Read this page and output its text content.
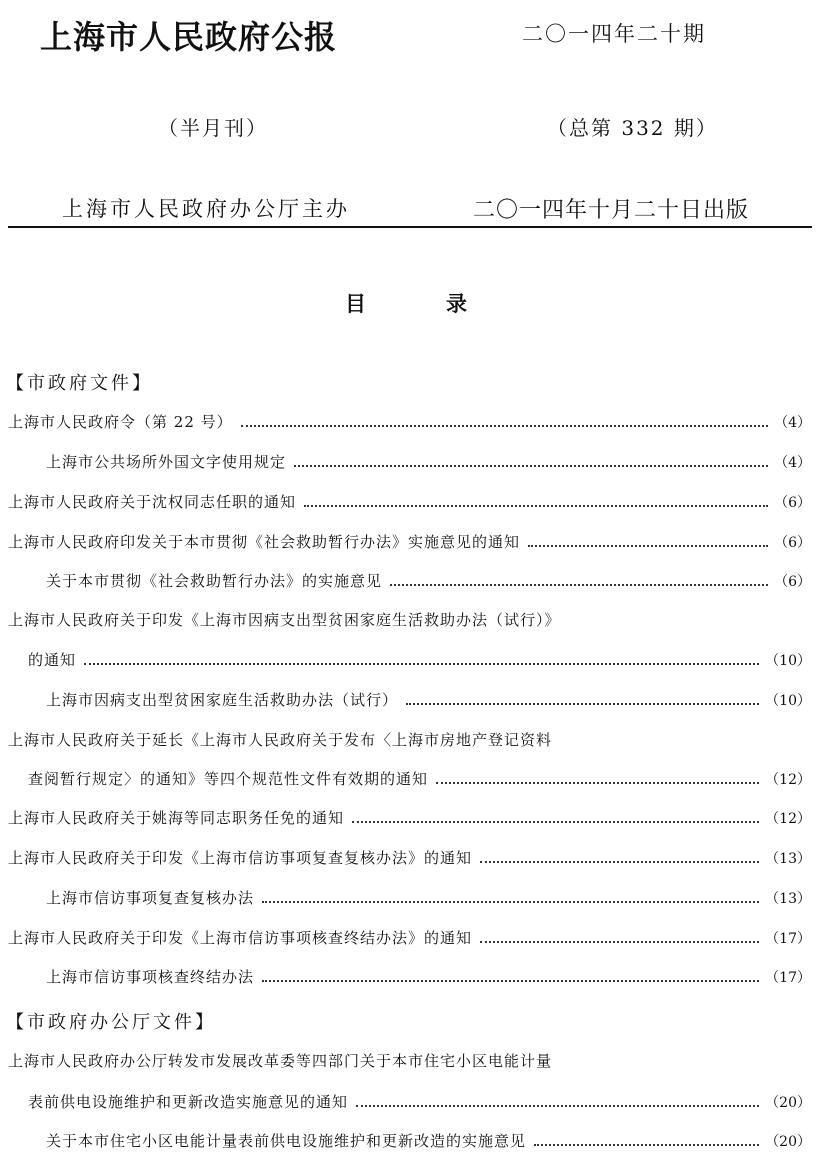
上海市人民政府公报	二〇一四年二十期
（半月刊）	（总第 332 期）
上海市人民政府办公厅主办	二〇一四年十月二十日出版
目录
【市政府文件】
上海市人民政府令（第 22 号）	（4）
上海市公共场所外国文字使用规定	（4）
上海市人民政府关于沈权同志任职的通知	（6）
上海市人民政府印发关于本市贯彻《社会救助暂行办法》实施意见的通知	（6）
关于本市贯彻《社会救助暂行办法》的实施意见	（6）
上海市人民政府关于印发《上海市因病支出型贫困家庭生活救助办法（试行）》
的通知	（10）
上海市因病支出型贫困家庭生活救助办法（试行）	（10）
上海市人民政府关于延长《上海市人民政府关于发布〈上海市房地产登记资料
查阅暂行规定〉的通知》等四个规范性文件有效期的通知	（12）
上海市人民政府关于姚海等同志职务任免的通知	（12）
上海市人民政府关于印发《上海市信访事项复查复核办法》的通知	（13）
上海市信访事项复查复核办法	（13）
上海市人民政府关于印发《上海市信访事项核查终结办法》的通知	（17）
上海市信访事项核查终结办法	（17）
【市政府办公厅文件】
上海市人民政府办公厅转发市发展改革委等四部门关于本市住宅小区电能计量
表前供电设施维护和更新改造实施意见的通知	（20）
关于本市住宅小区电能计量表前供电设施维护和更新改造的实施意见	（20）
